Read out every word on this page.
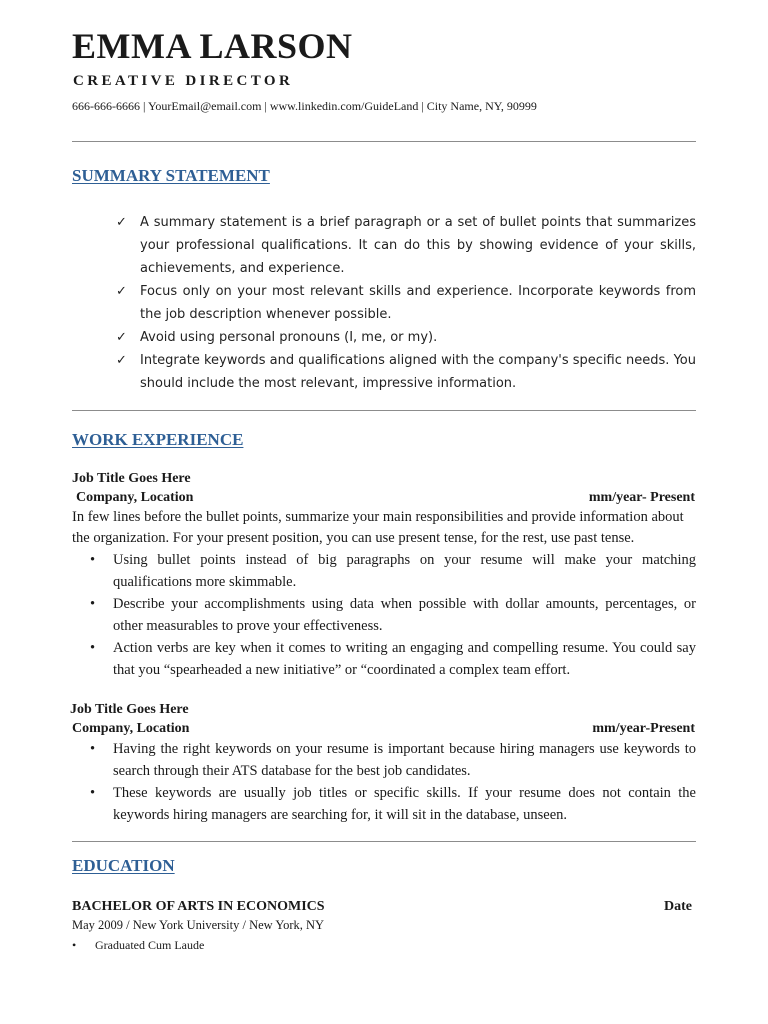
EMMA LARSON
CREATIVE DIRECTOR
666-666-6666 | YourEmail@email.com | www.linkedin.com/GuideLand | City Name, NY, 90999
SUMMARY STATEMENT
✓ A summary statement is a brief paragraph or a set of bullet points that summarizes your professional qualifications. It can do this by showing evidence of your skills, achievements, and experience.
✓ Focus only on your most relevant skills and experience. Incorporate keywords from the job description whenever possible.
✓ Avoid using personal pronouns (I, me, or my).
✓ Integrate keywords and qualifications aligned with the company's specific needs. You should include the most relevant, impressive information.
WORK EXPERIENCE
Job Title Goes Here
Company, Location	mm/year- Present

In few lines before the bullet points, summarize your main responsibilities and provide information about the organization. For your present position, you can use present tense, for the rest, use past tense.

• Using bullet points instead of big paragraphs on your resume will make your matching qualifications more skimmable.
• Describe your accomplishments using data when possible with dollar amounts, percentages, or other measurables to prove your effectiveness.
• Action verbs are key when it comes to writing an engaging and compelling resume. You could say that you “spearheaded a new initiative” or “coordinated a complex team effort.
Job Title Goes Here
Company, Location	mm/year-Present
• Having the right keywords on your resume is important because hiring managers use keywords to search through their ATS database for the best job candidates.
• These keywords are usually job titles or specific skills. If your resume does not contain the keywords hiring managers are searching for, it will sit in the database, unseen.
EDUCATION
BACHELOR OF ARTS IN ECONOMICS	Date
May 2009 / New York University / New York, NY
• Graduated Cum Laude
